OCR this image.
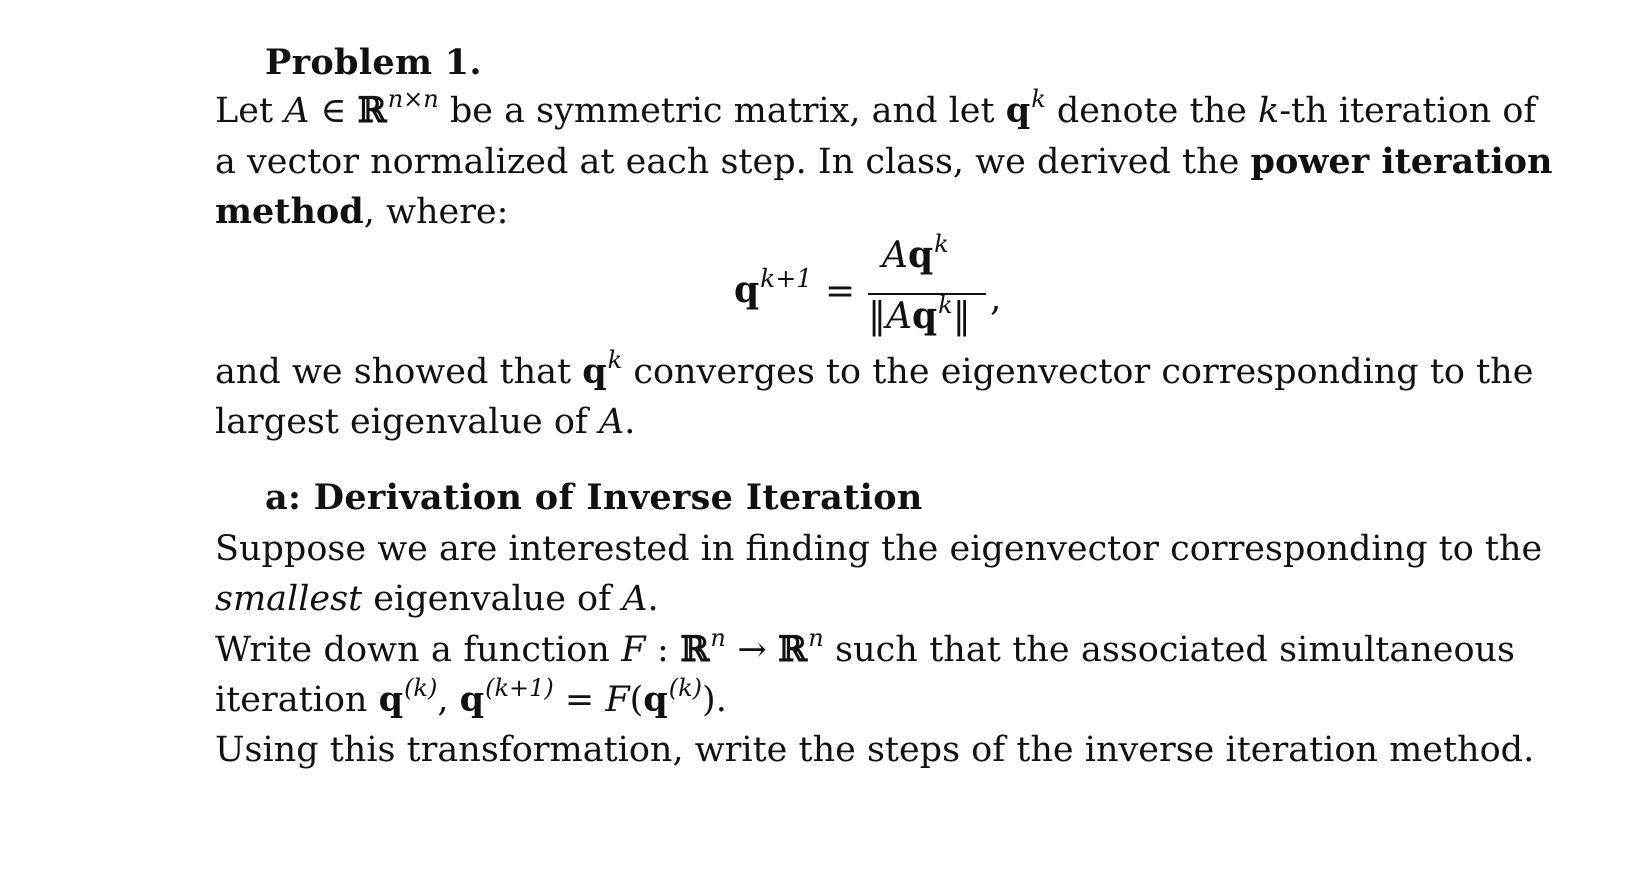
Problem 1.
Let A ∈ ℝ$^{n\times n}$ be a symmetric matrix, and let $q^k$ denote the k-th iteration of
a vector normalized at each step. In class, we derived the power iteration
method, where:
$q^{k+1}$ =
$Aq^k$
‖Aq$^k$‖ ,
and we showed that $q^k$ converges to the eigenvector corresponding to the
largest eigenvalue of A.
a: Derivation of Inverse Iteration
Suppose we are interested in finding the eigenvector corresponding to the
smallest eigenvalue of A.
Write down a function F : ℝ$^n$ → ℝ$^n$ such that the associated simultaneous
iteration $q^{(k)}$, $q^{(k+1)} = F(q^{(k)})$.
Using this transformation, write the steps of the inverse iteration method.
